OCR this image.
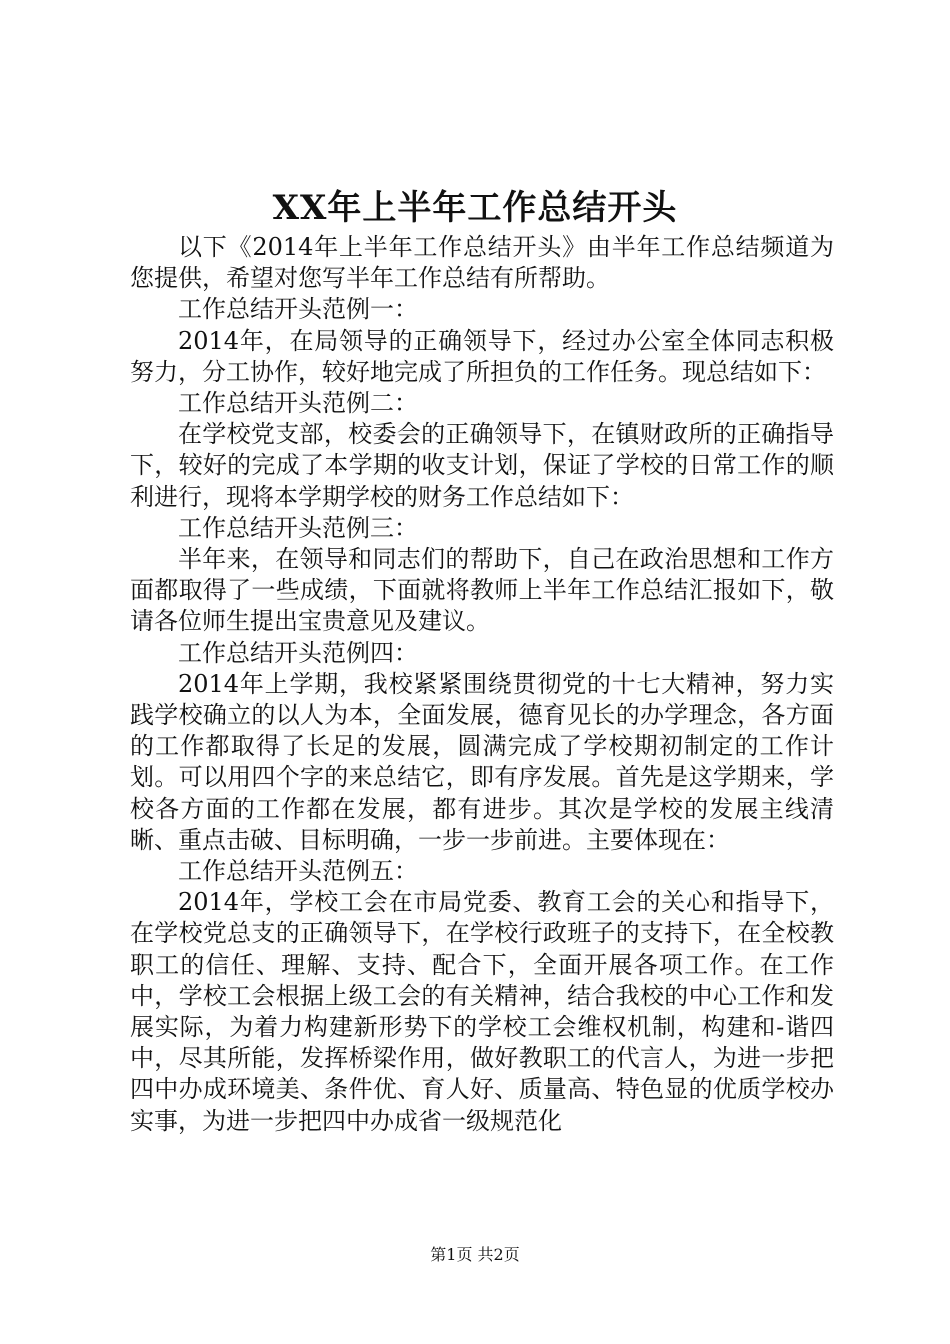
XX年上半年工作总结开头

以下《2014年上半年工作总结开头》由半年工作总结频道为您提供，希望对您写半年工作总结有所帮助。

工作总结开头范例一：

2014年，在局领导的正确领导下，经过办公室全体同志积极努力，分工协作，较好地完成了所担负的工作任务。现总结如下：

工作总结开头范例二：

在学校党支部，校委会的正确领导下，在镇财政所的正确指导下，较好的完成了本学期的收支计划，保证了学校的日常工作的顺利进行，现将本学期学校的财务工作总结如下：

工作总结开头范例三：

半年来，在领导和同志们的帮助下，自己在政治思想和工作方面都取得了一些成绩，下面就将教师上半年工作总结汇报如下，敬请各位师生提出宝贵意见及建议。

工作总结开头范例四：

2014年上学期，我校紧紧围绕贯彻党的十七大精神，努力实践学校确立的以人为本，全面发展，德育见长的办学理念，各方面的工作都取得了长足的发展，圆满完成了学校期初制定的工作计划。可以用四个字的来总结它，即有序发展。首先是这学期来，学校各方面的工作都在发展，都有进步。其次是学校的发展主线清晰、重点击破、目标明确，一步一步前进。主要体现在：

工作总结开头范例五：

2014年，学校工会在市局党委、教育工会的关心和指导下，在学校党总支的正确领导下，在学校行政班子的支持下，在全校教职工的信任、理解、支持、配合下，全面开展各项工作。在工作中，学校工会根据上级工会的有关精神，结合我校的中心工作和发展实际，为着力构建新形势下的学校工会维权机制，构建和-谐四中，尽其所能，发挥桥梁作用，做好教职工的代言人，为进一步把四中办成环境美、条件优、育人好、质量高、特色显的优质学校办实事，为进一步把四中办成省一级规范化

第1页 共2页
